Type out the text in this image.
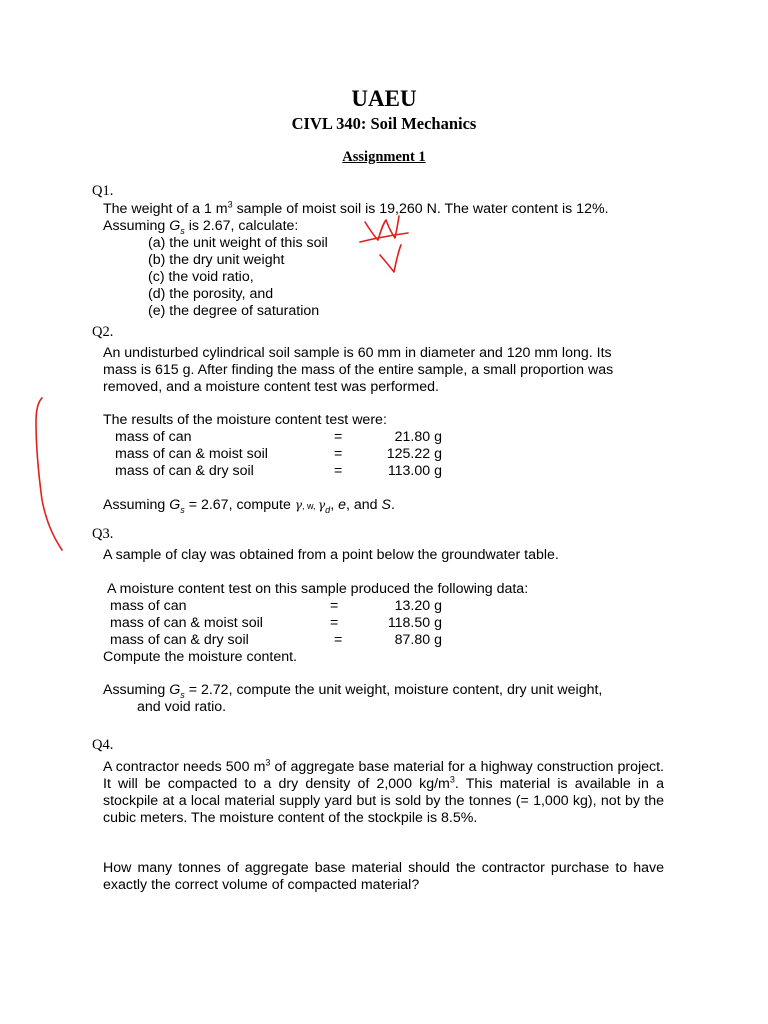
UAEU
CIVL 340: Soil Mechanics
Assignment 1
Q1.
The weight of a 1 $m^3$ sample of moist soil is 19,260 N. The water content is 12%.
Assuming $G_s$ is 2.67, calculate:
(a) the unit weight of this soil
(b) the dry unit weight
(c) the void ratio,
(d) the porosity, and
(e) the degree of saturation
Q2.
An undisturbed cylindrical soil sample is 60 mm in diameter and 120 mm long. Its
mass is 615 g. After finding the mass of the entire sample, a small proportion was
removed, and a moisture content test was performed.
The results of the moisture content test were:
mass of can	=	21.80 g
mass of can & moist soil	=	125.22 g
mass of can & dry soil	=	113.00 g
Assuming $G_s = 2.67$, compute γ, w, $\gamma_d$, e, and S.
Q3.
A sample of clay was obtained from a point below the groundwater table.
A moisture content test on this sample produced the following data:
mass of can	=	13.20 g
mass of can & moist soil	=	118.50 g
mass of can & dry soil	=	87.80 g
Compute the moisture content.
Assuming $G_s = 2.72$, compute the unit weight, moisture content, dry unit weight,
and void ratio.
Q4.
A contractor needs 500 $m^3$ of aggregate base material for a highway construction project. It will be compacted to a dry density of 2,000 $kg/m^3$. This material is available in a stockpile at a local material supply yard but is sold by the tonnes (= 1,000 kg), not by the cubic meters. The moisture content of the stockpile is 8.5%.
How many tonnes of aggregate base material should the contractor purchase to have exactly the correct volume of compacted material?
